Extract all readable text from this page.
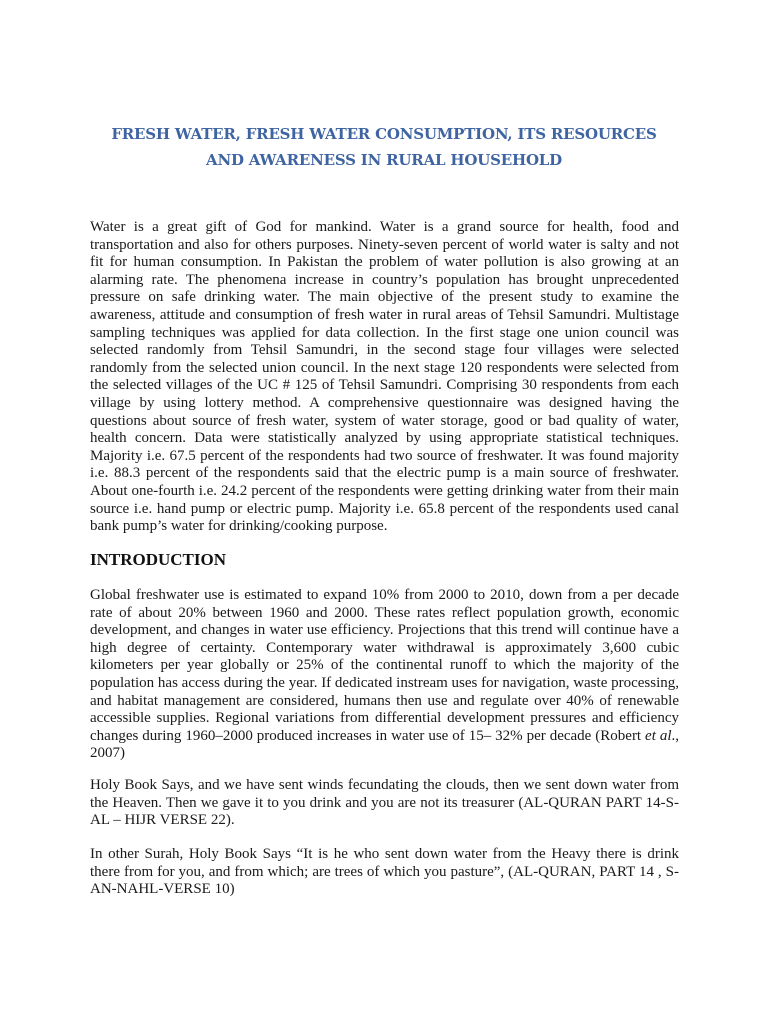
FRESH WATER, FRESH WATER CONSUMPTION, ITS RESOURCES AND AWARENESS IN RURAL HOUSEHOLD

Water is a great gift of God for mankind. Water is a grand source for health, food and transportation and also for others purposes. Ninety-seven percent of world water is salty and not fit for human consumption. In Pakistan the problem of water pollution is also growing at an alarming rate. The phenomena increase in country’s population has brought unprecedented pressure on safe drinking water. The main objective of the present study to examine the awareness, attitude and consumption of fresh water in rural areas of Tehsil Samundri. Multistage sampling techniques was applied for data collection. In the first stage one union council was selected randomly from Tehsil Samundri, in the second stage four villages were selected randomly from the selected union council. In the next stage 120 respondents were selected from the selected villages of the UC # 125 of Tehsil Samundri. Comprising 30 respondents from each village by using lottery method. A comprehensive questionnaire was designed having the questions about source of fresh water, system of water storage, good or bad quality of water, health concern. Data were statistically analyzed by using appropriate statistical techniques. Majority i.e. 67.5 percent of the respondents had two source of freshwater. It was found majority i.e. 88.3 percent of the respondents said that the electric pump is a main source of freshwater. About one-fourth i.e. 24.2 percent of the respondents were getting drinking water from their main source i.e. hand pump or electric pump. Majority i.e. 65.8 percent of the respondents used canal bank pump’s water for drinking/cooking purpose.

INTRODUCTION

Global freshwater use is estimated to expand 10% from 2000 to 2010, down from a per decade rate of about 20% between 1960 and 2000. These rates reflect population growth, economic development, and changes in water use efficiency. Projections that this trend will continue have a high degree of certainty. Contemporary water withdrawal is approximately 3,600 cubic kilometers per year globally or 25% of the continental runoff to which the majority of the population has access during the year. If dedicated instream uses for navigation, waste processing, and habitat management are considered, humans then use and regulate over 40% of renewable accessible supplies. Regional variations from differential development pressures and efficiency changes during 1960–2000 produced increases in water use of 15– 32% per decade (Robert et al., 2007)

Holy Book Says, and we have sent winds fecundating the clouds, then we sent down water from the Heaven. Then we gave it to you drink and you are not its treasurer (AL-QURAN PART 14-S-AL – HIJR VERSE 22).

In other Surah, Holy Book Says “It is he who sent down water from the Heavy there is drink there from for you, and from which; are trees of which you pasture”, (AL-QURAN, PART 14 , S-AN-NAHL-VERSE 10)
